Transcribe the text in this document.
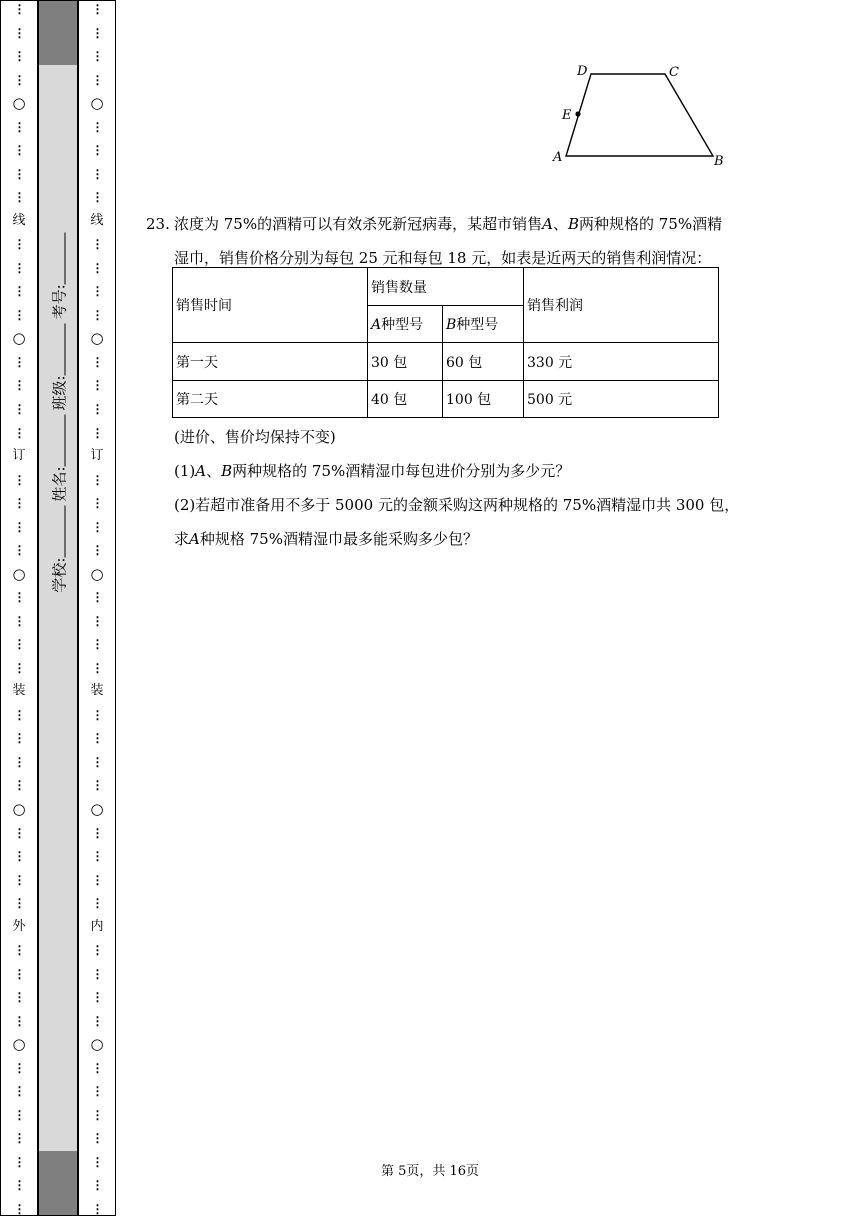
⋮
⋮
⋮
⋮
○
⋮
⋮
⋮
⋮
线
⋮
⋮
⋮
⋮
○
⋮
⋮
⋮
⋮
订
⋮
⋮
⋮
⋮
○
⋮
⋮
⋮
⋮
装
⋮
⋮
⋮
⋮
○
⋮
⋮
⋮
⋮
外
⋮
⋮
⋮
⋮
○
⋮
⋮
⋮
⋮
⋮
⋮
⋮
学校:
姓名:
班级:
考号:
⋮
⋮
⋮
⋮
○
⋮
⋮
⋮
⋮
线
⋮
⋮
⋮
⋮
○
⋮
⋮
⋮
⋮
订
⋮
⋮
⋮
⋮
○
⋮
⋮
⋮
⋮
装
⋮
⋮
⋮
⋮
○
⋮
⋮
⋮
⋮
内
⋮
⋮
⋮
⋮
○
⋮
⋮
⋮
⋮
⋮
⋮
⋮
D	C
E
A	B
23. 浓度为 75%的酒精可以有效杀死新冠病毒，某超市销售A、B两种规格的 75%酒精
湿巾，销售价格分别为每包 25 元和每包 18 元，如表是近两天的销售利润情况：
销售时间	销售数量		销售利润
	A种型号	B种型号	
第一天	30 包	60 包	330 元
第二天	40 包	100 包	500 元
(进价、售价均保持不变)
(1)A、B两种规格的 75%酒精湿巾每包进价分别为多少元？
(2)若超市准备用不多于 5000 元的金额采购这两种规格的 75%酒精湿巾共 300 包，
求A种规格 75%酒精湿巾最多能采购多少包？
第 5页，共 16页
